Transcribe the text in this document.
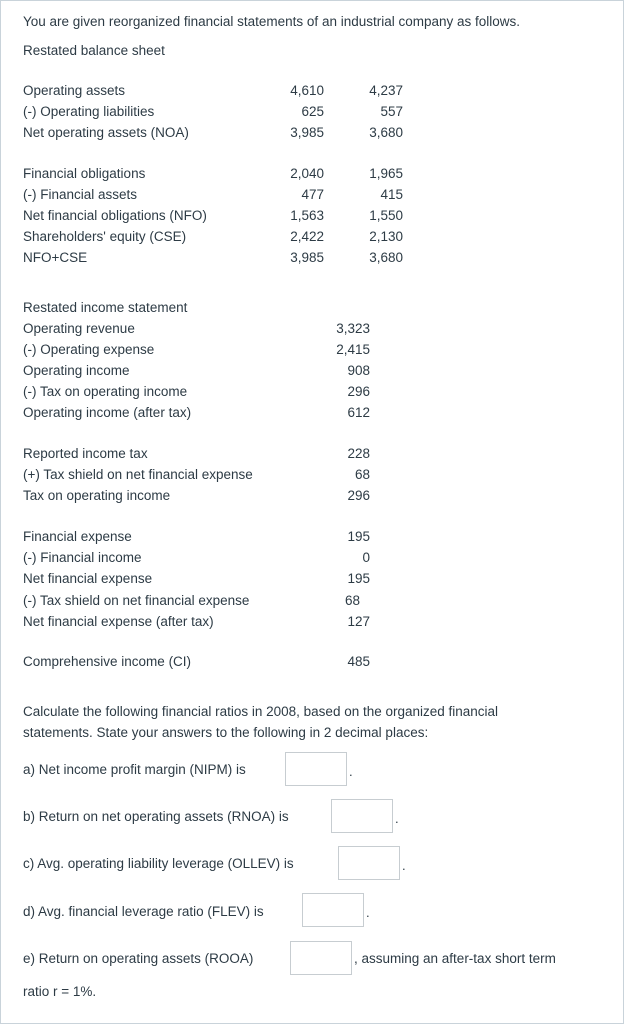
You are given reorganized financial statements of an industrial company as follows.
Restated balance sheet
Operating assets	4,610	4,237
(-) Operating liabilities	625	557
Net operating assets (NOA)	3,985	3,680
Financial obligations	2,040	1,965
(-) Financial assets	477	415
Net financial obligations (NFO)	1,563	1,550
Shareholders' equity (CSE)	2,422	2,130
NFO+CSE	3,985	3,680
Restated income statement
Operating revenue	3,323
(-) Operating expense	2,415
Operating income	908
(-) Tax on operating income	296
Operating income (after tax)	612
Reported income tax	228
(+) Tax shield on net financial expense	68
Tax on operating income	296
Financial expense	195
(-) Financial income	0
Net financial expense	195
(-) Tax shield on net financial expense	68
Net financial expense (after tax)	127
Comprehensive income (CI)	485
Calculate the following financial ratios in 2008, based on the organized financial
statements. State your answers to the following in 2 decimal places:
a) Net income profit margin (NIPM) is	.
b) Return on net operating assets (RNOA) is	.
c) Avg. operating liability leverage (OLLEV) is	.
d) Avg. financial leverage ratio (FLEV) is	.
e) Return on operating assets (ROOA)	, assuming an after-tax short term
ratio r = 1%.
